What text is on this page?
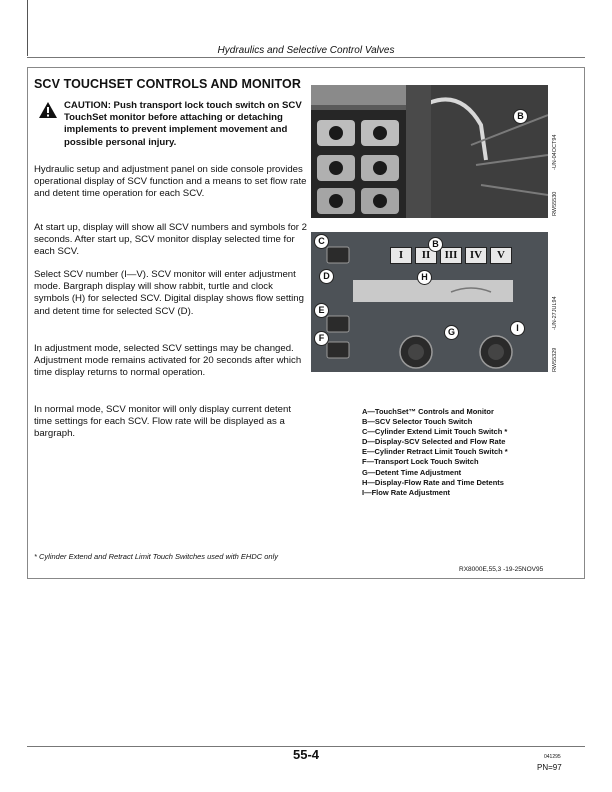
Hydraulics and Selective Control Valves
SCV TOUCHSET CONTROLS AND MONITOR
CAUTION: Push transport lock touch switch on SCV TouchSet monitor before attaching or detaching implements to prevent implement movement and possible personal injury.
Hydraulic setup and adjustment panel on side console provides operational display of SCV function and a means to set flow rate and detent time operation for each SCV.
At start up, display will show all SCV numbers and symbols for 2 seconds. After start up, SCV monitor display selected time for each SCV.
Select SCV number (I—V). SCV monitor will enter adjustment mode. Bargraph display will show rabbit, turtle and clock symbols (H) for selected SCV. Digital display shows flow setting and detent time for selected SCV (D).
In adjustment mode, selected SCV settings may be changed. Adjustment mode remains activated for 20 seconds after which time display returns to normal operation.
In normal mode, SCV monitor will only display current detent time settings for each SCV. Flow rate will be displayed as a bargraph.
B
RW55530
-UN-04OCT94
I	II	III	IV	V
C	B
D	H
E
F
G	I
RW55329
-UN-27JUL94
A—TouchSet™ Controls and Monitor
B—SCV Selector Touch Switch
C—Cylinder Extend Limit Touch Switch *
D—Display-SCV Selected and Flow Rate
E—Cylinder Retract Limit Touch Switch *
F—Transport Lock Touch Switch
G—Detent Time Adjustment
H—Display-Flow Rate and Time Detents
I—Flow Rate Adjustment
* Cylinder Extend and Retract Limit Touch Switches used with EHDC only
RX8000E,55,3 -19-25NOV95
55-4	041295
PN=97
